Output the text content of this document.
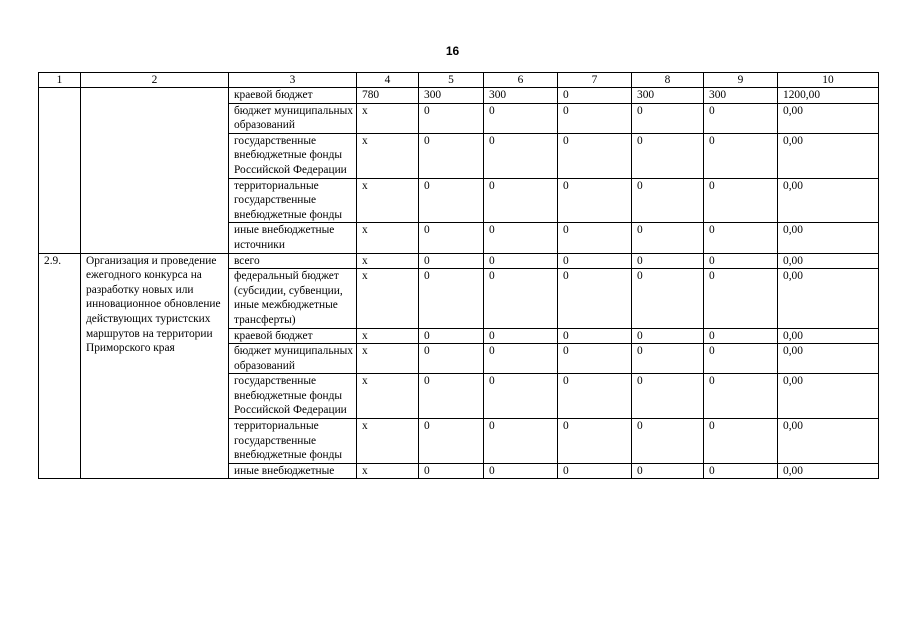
16
1	2	3	4	5	6	7	8	9	10
		краевой бюджет	780	300	300	0	300	300	1200,00
		бюджет муниципальных образований	х	0	0	0	0	0	0,00
		государственные внебюджетные фонды Российской Федерации	х	0	0	0	0	0	0,00
		территориальные государственные внебюджетные фонды	х	0	0	0	0	0	0,00
		иные внебюджетные источники	х	0	0	0	0	0	0,00
2.9.	Организация и проведение ежегодного конкурса на разработку новых или инновационное обновление действующих туристских маршрутов на территории Приморского края	всего	х	0	0	0	0	0	0,00
		федеральный бюджет (субсидии, субвенции, иные межбюджетные трансферты)	х	0	0	0	0	0	0,00
		краевой бюджет	х	0	0	0	0	0	0,00
		бюджет муниципальных образований	х	0	0	0	0	0	0,00
		государственные внебюджетные фонды Российской Федерации	х	0	0	0	0	0	0,00
		территориальные государственные внебюджетные фонды	х	0	0	0	0	0	0,00
		иные внебюджетные	х	0	0	0	0	0	0,00
